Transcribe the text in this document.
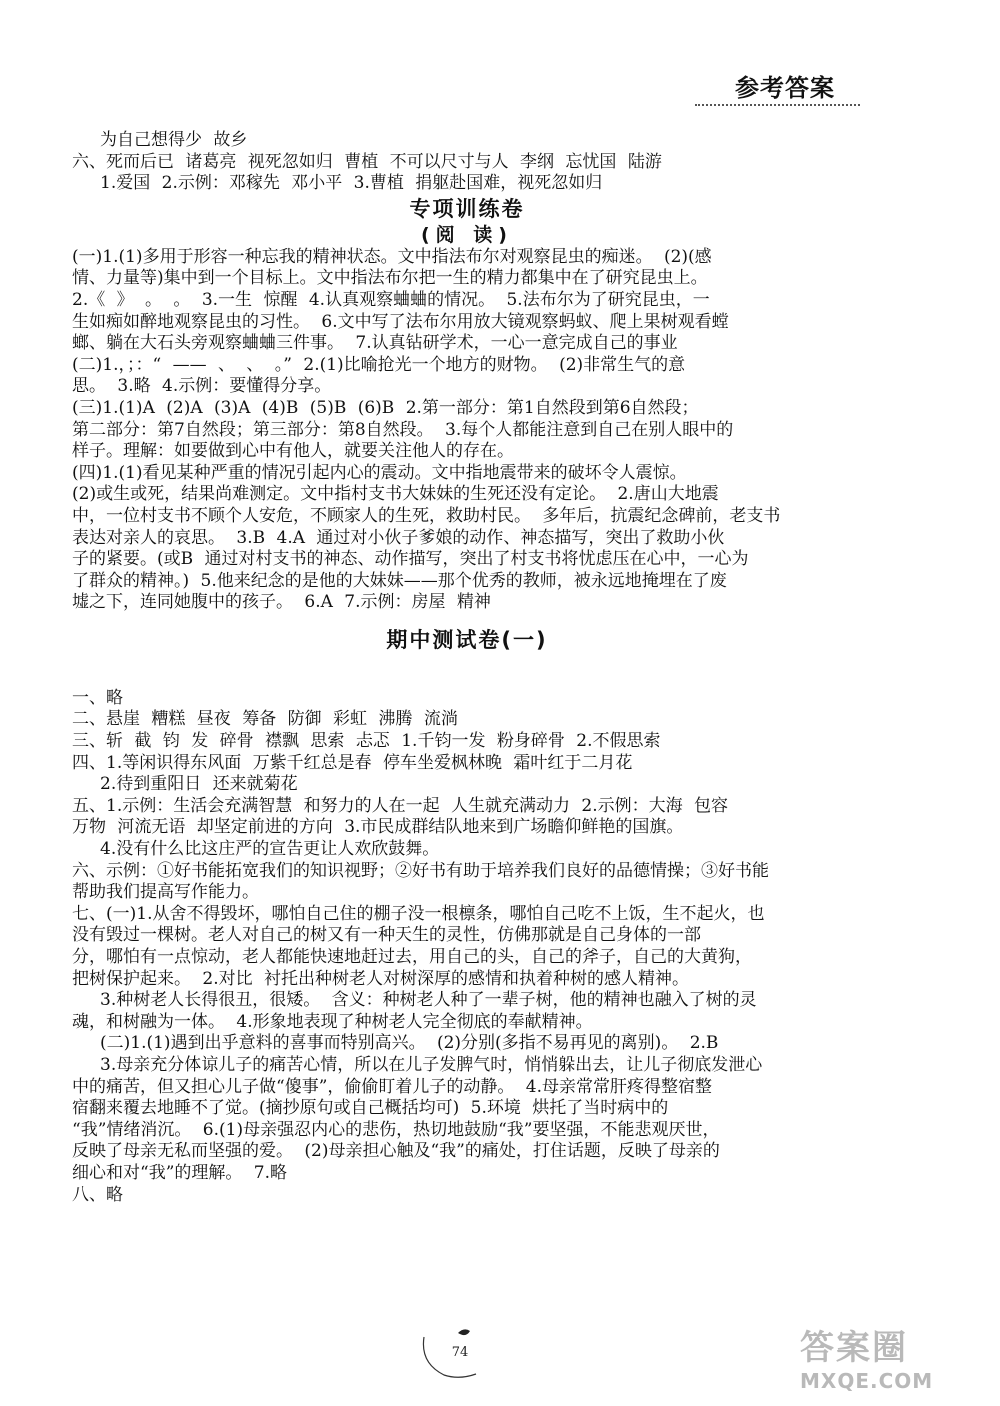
参考答案
为自己想得少 故乡
六、死而后已 诸葛亮 视死忽如归 曹植 不可以尺寸与人 李纲 忘忧国 陆游
1.爱国 2.示例：邓稼先 邓小平 3.曹植 捐躯赴国难，视死忽如归
专项训练卷
(阅 读)
(一)1.(1)多用于形容一种忘我的精神状态。文中指法布尔对观察昆虫的痴迷。 (2)(感
情、力量等)集中到一个目标上。文中指法布尔把一生的精力都集中在了研究昆虫上。
2.《 》 。 。 3.一生 惊醒 4.认真观察蛐蛐的情况。 5.法布尔为了研究昆虫，一
生如痴如醉地观察昆虫的习性。 6.文中写了法布尔用放大镜观察蚂蚁、爬上果树观看螳
螂、躺在大石头旁观察蛐蛐三件事。 7.认真钻研学术，一心一意完成自己的事业
(二)1.，；：“ —— 、 、 。” 2.(1)比喻抢光一个地方的财物。 (2)非常生气的意
思。 3.略 4.示例：要懂得分享。
(三)1.(1)A (2)A (3)A (4)B (5)B (6)B 2.第一部分：第1自然段到第6自然段；
第二部分：第7自然段；第三部分：第8自然段。 3.每个人都能注意到自己在别人眼中的
样子。理解：如要做到心中有他人，就要关注他人的存在。
(四)1.(1)看见某种严重的情况引起内心的震动。文中指地震带来的破坏令人震惊。
(2)或生或死，结果尚难测定。文中指村支书大妹妹的生死还没有定论。 2.唐山大地震
中，一位村支书不顾个人安危，不顾家人的生死，救助村民。 多年后，抗震纪念碑前，老支书
表达对亲人的哀思。 3.B 4.A 通过对小伙子爹娘的动作、神态描写，突出了救助小伙
子的紧要。(或B 通过对村支书的神态、动作描写，突出了村支书将忧虑压在心中，一心为
了群众的精神。) 5.他来纪念的是他的大妹妹——那个优秀的教师，被永远地掩埋在了废
墟之下，连同她腹中的孩子。 6.A 7.示例：房屋 精神
期中测试卷(一)
一、略
二、悬崖 糟糕 昼夜 筹备 防御 彩虹 沸腾 流淌
三、斩 截 钧 发 碎骨 襟飘 思索 忐忑 1.千钧一发 粉身碎骨 2.不假思索
四、1.等闲识得东风面 万紫千红总是春 停车坐爱枫林晚 霜叶红于二月花
2.待到重阳日 还来就菊花
五、1.示例：生活会充满智慧 和努力的人在一起 人生就充满动力 2.示例：大海 包容
万物 河流无语 却坚定前进的方向 3.市民成群结队地来到广场瞻仰鲜艳的国旗。
4.没有什么比这庄严的宣告更让人欢欣鼓舞。
六、示例：①好书能拓宽我们的知识视野；②好书有助于培养我们良好的品德情操；③好书能
帮助我们提高写作能力。
七、(一)1.从舍不得毁坏，哪怕自己住的棚子没一根檩条，哪怕自己吃不上饭，生不起火，也
没有毁过一棵树。老人对自己的树又有一种天生的灵性，仿佛那就是自己身体的一部
分，哪怕有一点惊动，老人都能快速地赶过去，用自己的头，自己的斧子，自己的大黄狗，
把树保护起来。 2.对比 衬托出种树老人对树深厚的感情和执着种树的感人精神。
3.种树老人长得很丑，很矮。 含义：种树老人种了一辈子树，他的精神也融入了树的灵
魂，和树融为一体。 4.形象地表现了种树老人完全彻底的奉献精神。
(二)1.(1)遇到出乎意料的喜事而特别高兴。 (2)分别(多指不易再见的离别)。 2.B
3.母亲充分体谅儿子的痛苦心情，所以在儿子发脾气时，悄悄躲出去，让儿子彻底发泄心
中的痛苦，但又担心儿子做“傻事”，偷偷盯着儿子的动静。 4.母亲常常肝疼得整宿整
宿翻来覆去地睡不了觉。(摘抄原句或自己概括均可) 5.环境 烘托了当时病中的
“我”情绪消沉。 6.(1)母亲强忍内心的悲伤，热切地鼓励“我”要坚强，不能悲观厌世，
反映了母亲无私而坚强的爱。 (2)母亲担心触及“我”的痛处，打住话题，反映了母亲的
细心和对“我”的理解。 7.略
八、略
74	答案圈
MXQE.COM
